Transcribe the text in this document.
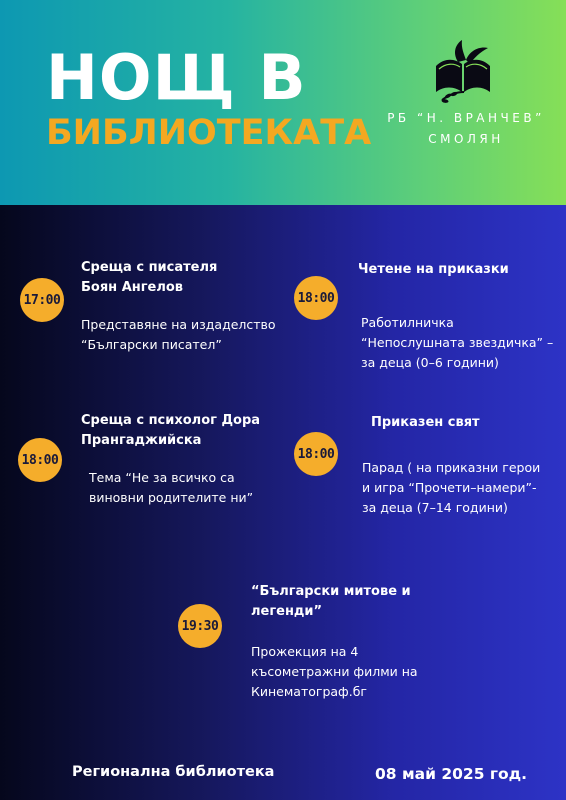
НОЩ В
БИБЛИОТЕКАТА	РБ “Н. ВРАНЧЕВ”
СМОЛЯН
17:00
Среща с писателя
Боян Ангелов
Представяне на издаделство
“Български писател”
18:00
Четене на приказки
Работилничка
“Непослушната звездичка” –
за деца (0–6 години)
18:00
Среща с психолог Дора
Прангаджийска
Тема “Не за всичко са
виновни родителите ни”
18:00
Приказен свят
Парад ( на приказни герои
и игра “Прочети–намери”-
за деца (7–14 години)
19:30
“Български митове и
легенди”
Прожекция на 4
късометражни филми на
Кинематограф.бг
Регионална библиотека	08 май 2025 год.
